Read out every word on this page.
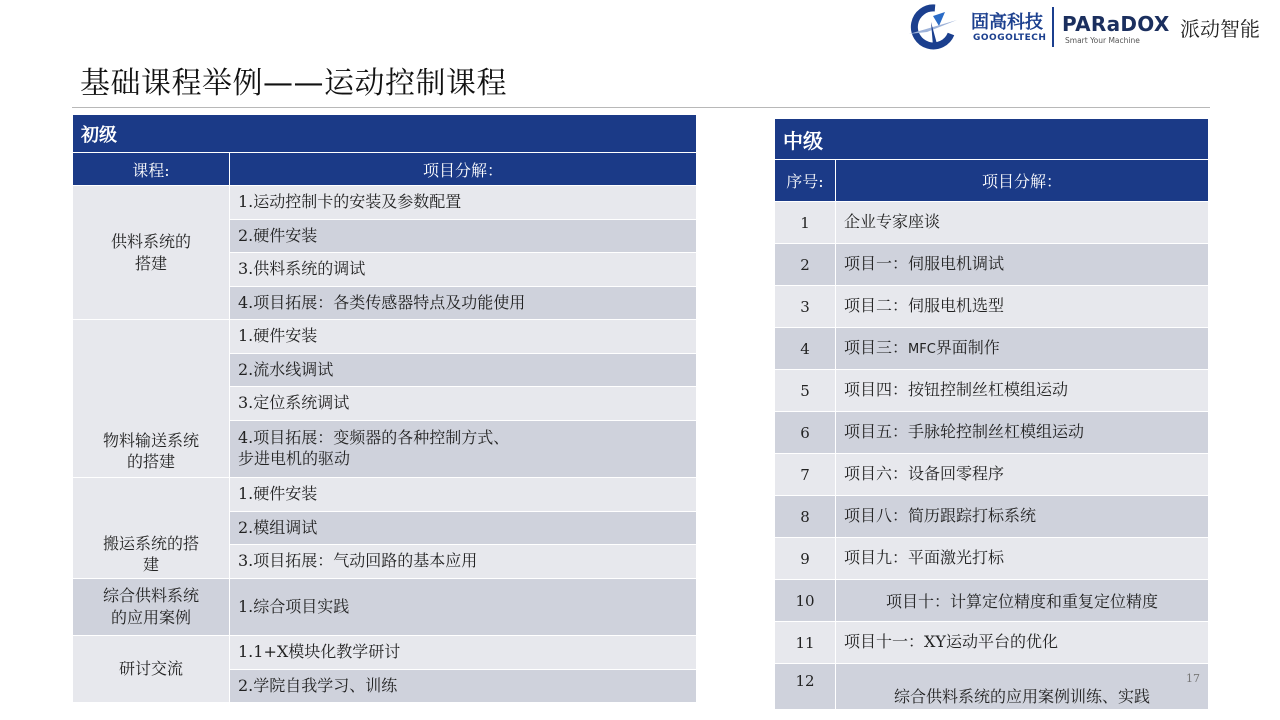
固高科技
GOOGOLTECH
PARaDOX
Smart Your Machine 派动智能
基础课程举例——运动控制课程
初级	
课程:	项目分解：
供料系统的
搭建	1.运动控制卡的安装及参数配置
	2.硬件安装
	3.供料系统的调试
	4.项目拓展：各类传感器特点及功能使用
物料输送系统
的搭建	1.硬件安装
	2.流水线调试
	3.定位系统调试
	4.项目拓展：变频器的各种控制方式、
步进电机的驱动
搬运系统的搭
建	1.硬件安装
	2.模组调试
	3.项目拓展：气动回路的基本应用
综合供料系统
的应用案例	1.综合项目实践
研讨交流	1.1+X模块化教学研讨
	2.学院自我学习、训练
中级	
序号:	项目分解：
1	企业专家座谈
2	项目一：伺服电机调试
3	项目二：伺服电机选型
4	项目三：MFC界面制作
5	项目四：按钮控制丝杠模组运动
6	项目五：手脉轮控制丝杠模组运动
7	项目六：设备回零程序
8	项目八：简历跟踪打标系统
9	项目九：平面激光打标
10	项目十：计算定位精度和重复定位精度
11	项目十一：XY运动平台的优化
12	综合供料系统的应用案例训练、实践
17
